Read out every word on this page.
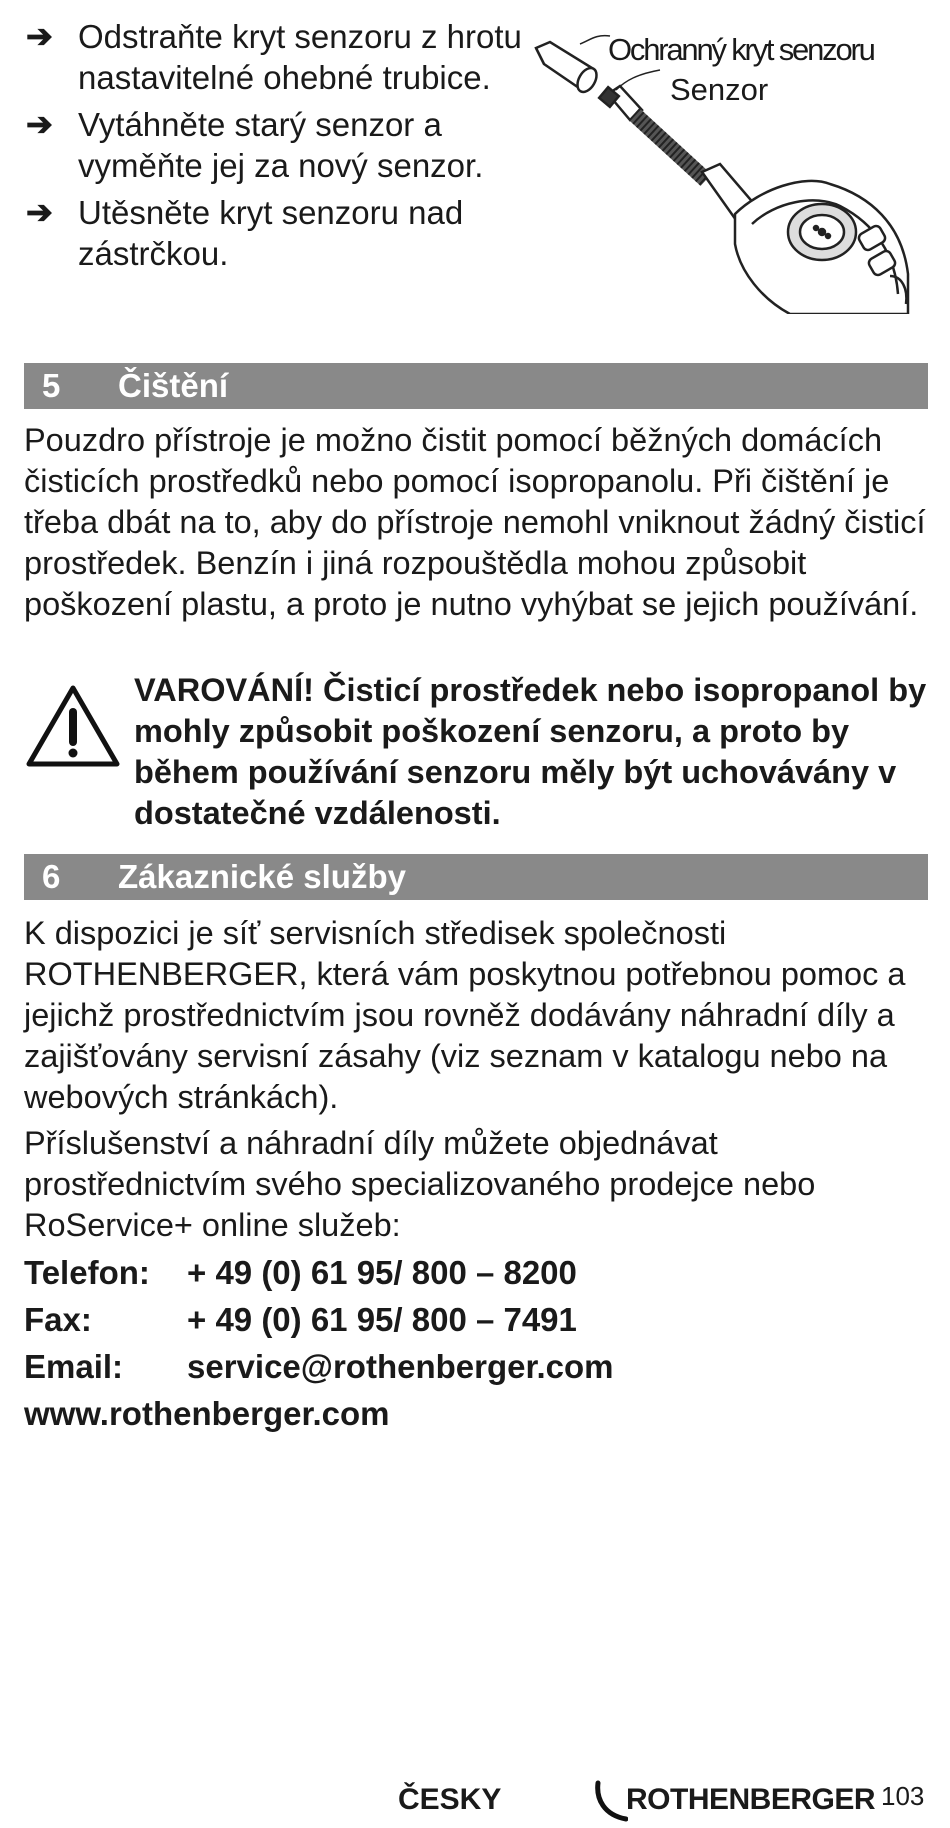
➔ Odstraňte kryt senzoru z hrotu nastavitelné ohebné trubice.
➔ Vytáhněte starý senzor a vyměňte jej za nový senzor.
➔ Utěsněte kryt senzoru nad zástrčkou.
Ochranný kryt senzoru
Senzor
5	Čištění

Pouzdro přístroje je možno čistit pomocí běžných domácích čisticích prostředků nebo pomocí isopropanolu. Při čištění je třeba dbát na to, aby do přístroje nemohl vniknout žádný čisticí prostředek. Benzín i jiná rozpouštědla mohou způsobit poškození plastu, a proto je nutno vyhýbat se jejich používání.

VAROVÁNÍ! Čisticí prostředek nebo isopropanol by mohly způsobit poškození senzoru, a proto by během používání senzoru měly být uchovávány v dostatečné vzdálenosti.

6	Zákaznické služby

K dispozici je síť servisních středisek společnosti ROTHENBERGER, která vám poskytnou potřebnou pomoc a jejichž prostřednictvím jsou rovněž dodávány náhradní díly a zajišťovány servisní zásahy (viz seznam v katalogu nebo na webových stránkách).

Příslušenství a náhradní díly můžete objednávat prostřednictvím svého specializovaného prodejce nebo RoService+ online služeb:

Telefon:	+ 49 (0) 61 95/ 800 – 8200
Fax:	+ 49 (0) 61 95/ 800 – 7491
Email:	service@rothenberger.com
www.rothenberger.com
ČESKY	ROTHENBERGER 103
